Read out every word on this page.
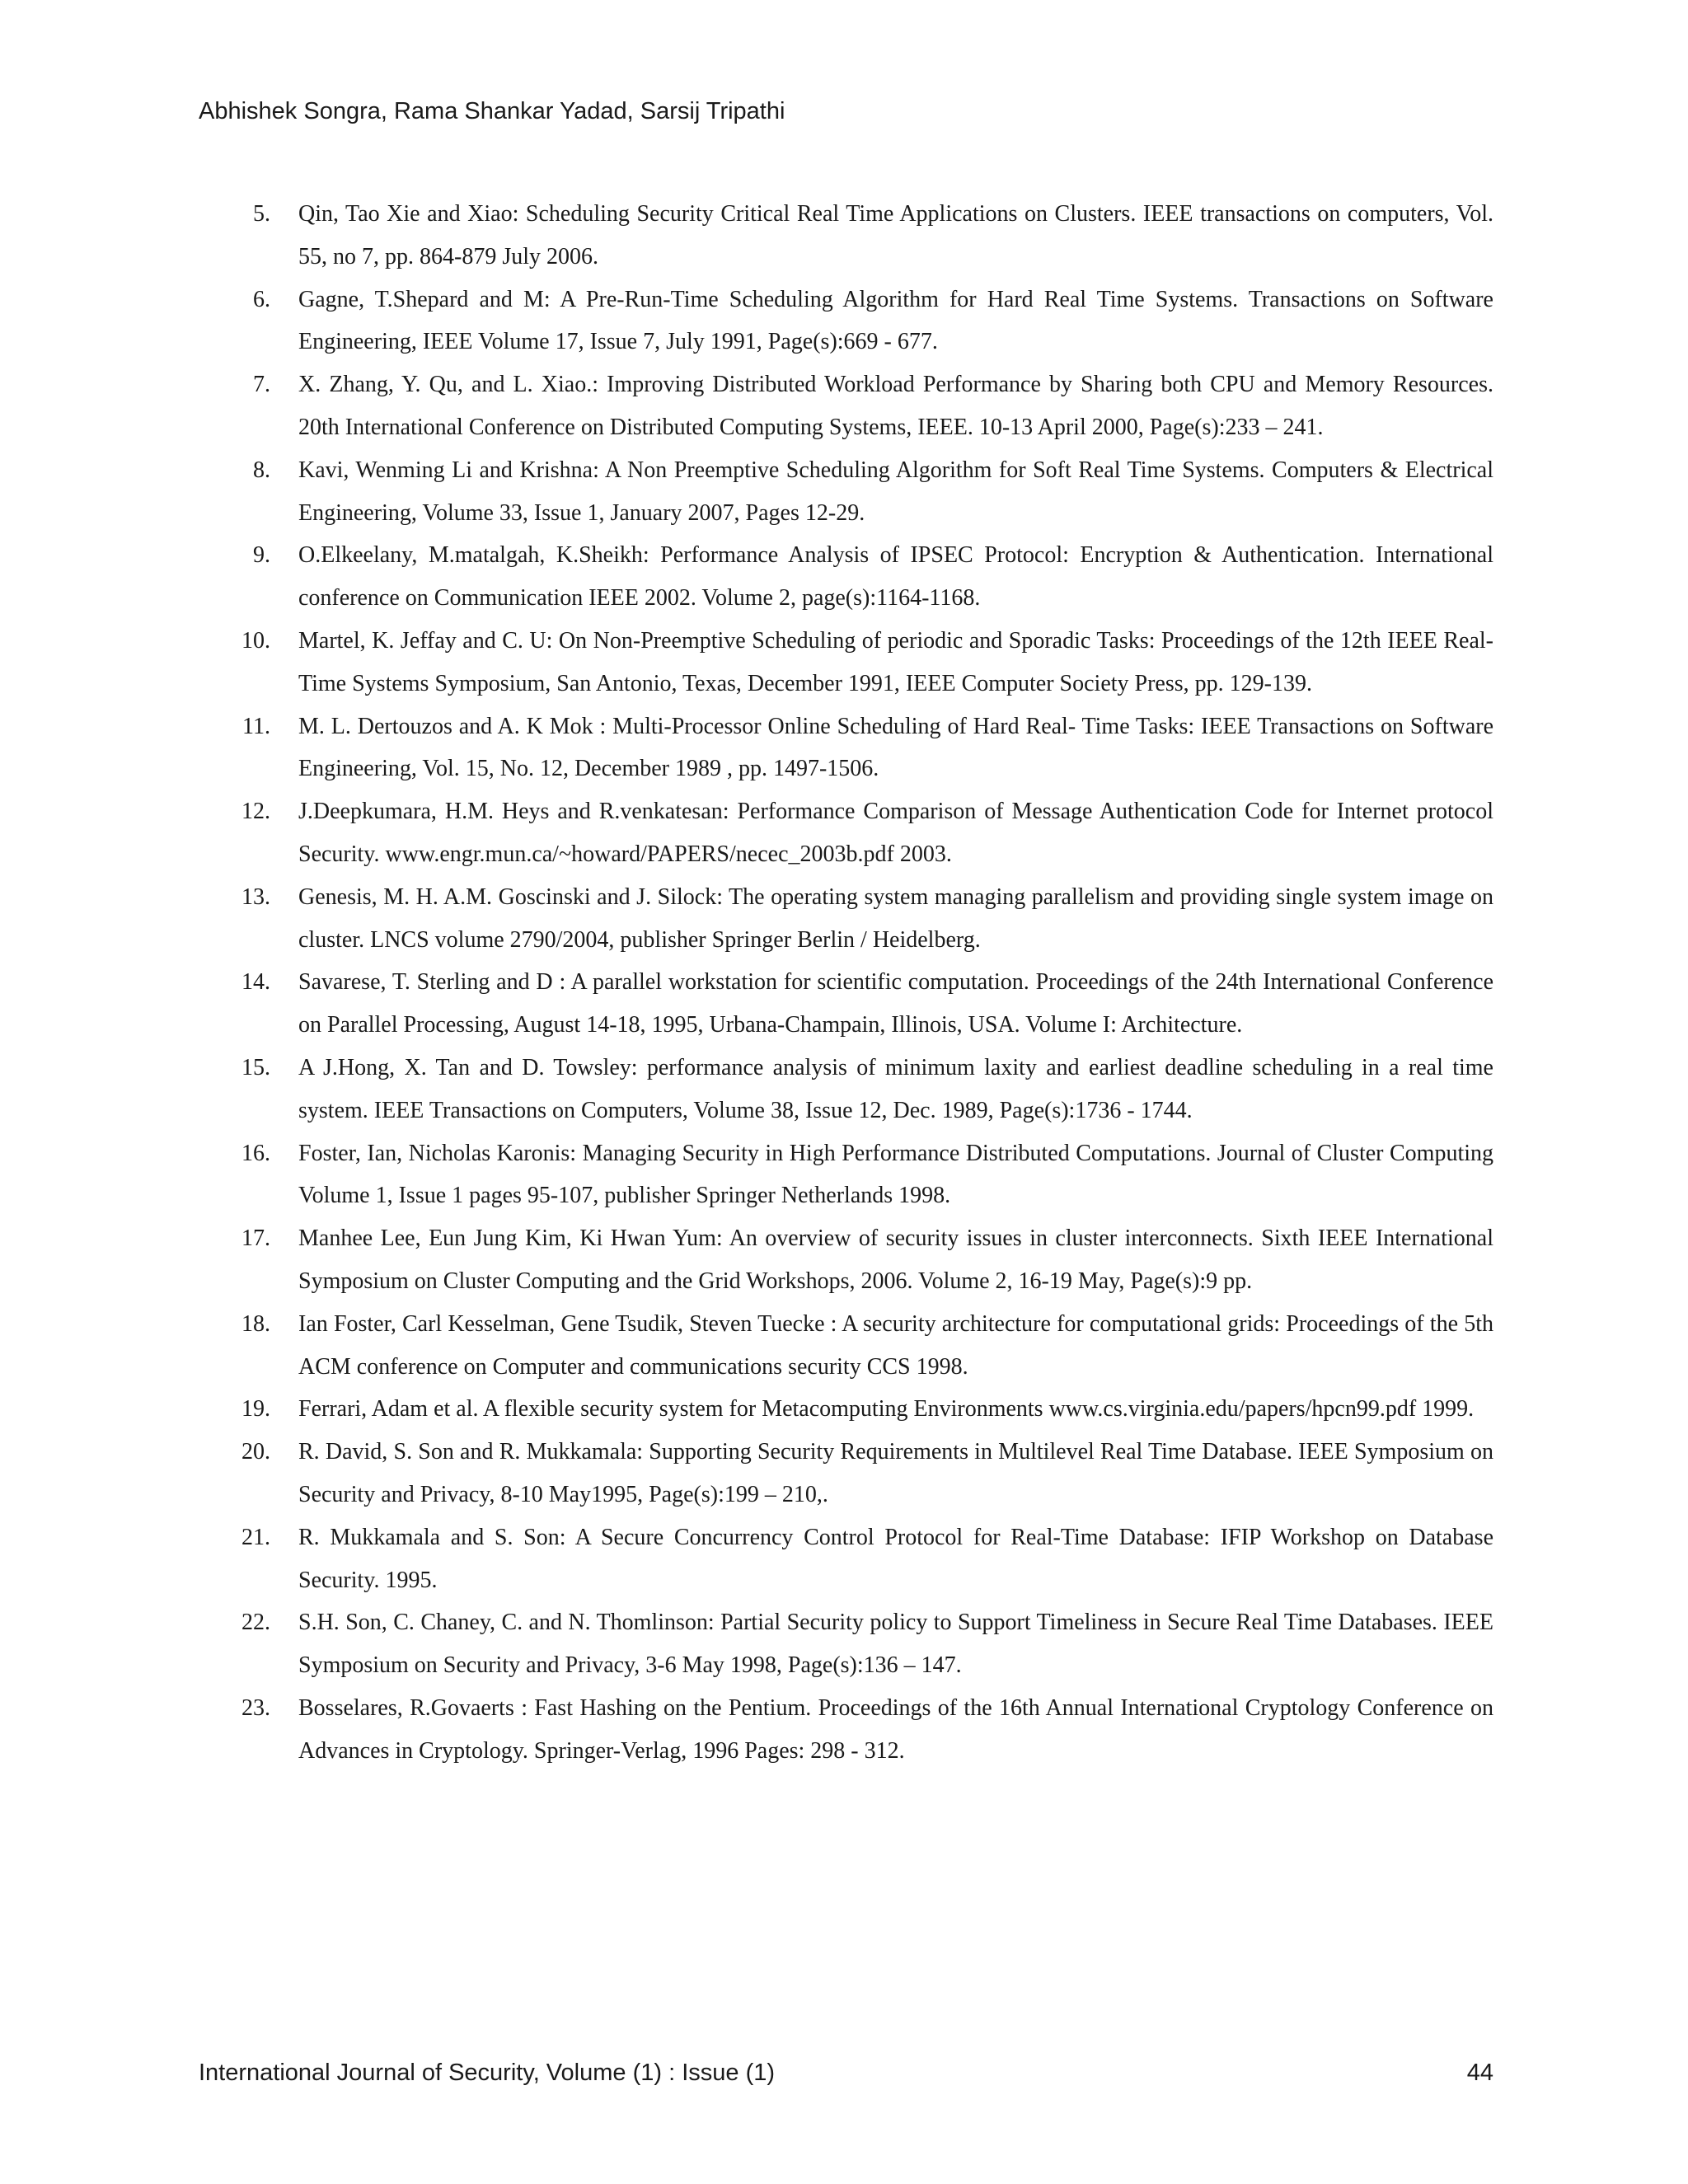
Abhishek Songra, Rama Shankar Yadad, Sarsij Tripathi
5. Qin, Tao Xie and Xiao: Scheduling Security Critical Real Time Applications on Clusters. IEEE transactions on computers, Vol. 55, no 7, pp. 864-879 July 2006.
6. Gagne, T.Shepard and M: A Pre-Run-Time Scheduling Algorithm for Hard Real Time Systems. Transactions on Software Engineering, IEEE Volume 17, Issue 7, July 1991, Page(s):669 - 677.
7. X. Zhang, Y. Qu, and L. Xiao.: Improving Distributed Workload Performance by Sharing both CPU and Memory Resources. 20th International Conference on Distributed Computing Systems, IEEE. 10-13 April 2000, Page(s):233 – 241.
8. Kavi, Wenming Li and Krishna: A Non Preemptive Scheduling Algorithm for Soft Real Time Systems. Computers & Electrical Engineering, Volume 33, Issue 1, January 2007, Pages 12-29.
9. O.Elkeelany, M.matalgah, K.Sheikh: Performance Analysis of IPSEC Protocol: Encryption & Authentication. International conference on Communication IEEE 2002. Volume 2, page(s):1164-1168.
10. Martel, K. Jeffay and C. U: On Non-Preemptive Scheduling of periodic and Sporadic Tasks: Proceedings of the 12th IEEE Real-Time Systems Symposium, San Antonio, Texas, December 1991, IEEE Computer Society Press, pp. 129-139.
11. M. L. Dertouzos and A. K Mok : Multi-Processor Online Scheduling of Hard Real- Time Tasks: IEEE Transactions on Software Engineering, Vol. 15, No. 12, December 1989 , pp. 1497-1506.
12. J.Deepkumara, H.M. Heys and R.venkatesan: Performance Comparison of Message Authentication Code for Internet protocol Security. www.engr.mun.ca/~howard/PAPERS/necec_2003b.pdf 2003.
13. Genesis, M. H. A.M. Goscinski and J. Silock: The operating system managing parallelism and providing single system image on cluster. LNCS volume 2790/2004, publisher Springer Berlin / Heidelberg.
14. Savarese, T. Sterling and D : A parallel workstation for scientific computation. Proceedings of the 24th International Conference on Parallel Processing, August 14-18, 1995, Urbana-Champain, Illinois, USA. Volume I: Architecture.
15. A J.Hong, X. Tan and D. Towsley: performance analysis of minimum laxity and earliest deadline scheduling in a real time system. IEEE Transactions on Computers, Volume 38, Issue 12, Dec. 1989, Page(s):1736 - 1744.
16. Foster, Ian, Nicholas Karonis: Managing Security in High Performance Distributed Computations. Journal of Cluster Computing Volume 1, Issue 1 pages 95-107, publisher Springer Netherlands 1998.
17. Manhee Lee, Eun Jung Kim, Ki Hwan Yum: An overview of security issues in cluster interconnects. Sixth IEEE International Symposium on Cluster Computing and the Grid Workshops, 2006. Volume 2, 16-19 May, Page(s):9 pp.
18. Ian Foster, Carl Kesselman, Gene Tsudik, Steven Tuecke : A security architecture for computational grids: Proceedings of the 5th ACM conference on Computer and communications security CCS 1998.
19. Ferrari, Adam et al. A flexible security system for Metacomputing Environments www.cs.virginia.edu/papers/hpcn99.pdf 1999.
20. R. David, S. Son and R. Mukkamala: Supporting Security Requirements in Multilevel Real Time Database. IEEE Symposium on Security and Privacy, 8-10 May1995, Page(s):199 – 210,.
21. R. Mukkamala and S. Son: A Secure Concurrency Control Protocol for Real-Time Database: IFIP Workshop on Database Security. 1995.
22. S.H. Son, C. Chaney, C. and N. Thomlinson: Partial Security policy to Support Timeliness in Secure Real Time Databases. IEEE Symposium on Security and Privacy, 3-6 May 1998, Page(s):136 – 147.
23. Bosselares, R.Govaerts : Fast Hashing on the Pentium. Proceedings of the 16th Annual International Cryptology Conference on Advances in Cryptology. Springer-Verlag, 1996 Pages: 298 - 312.
International Journal of Security, Volume (1) : Issue (1)	44
